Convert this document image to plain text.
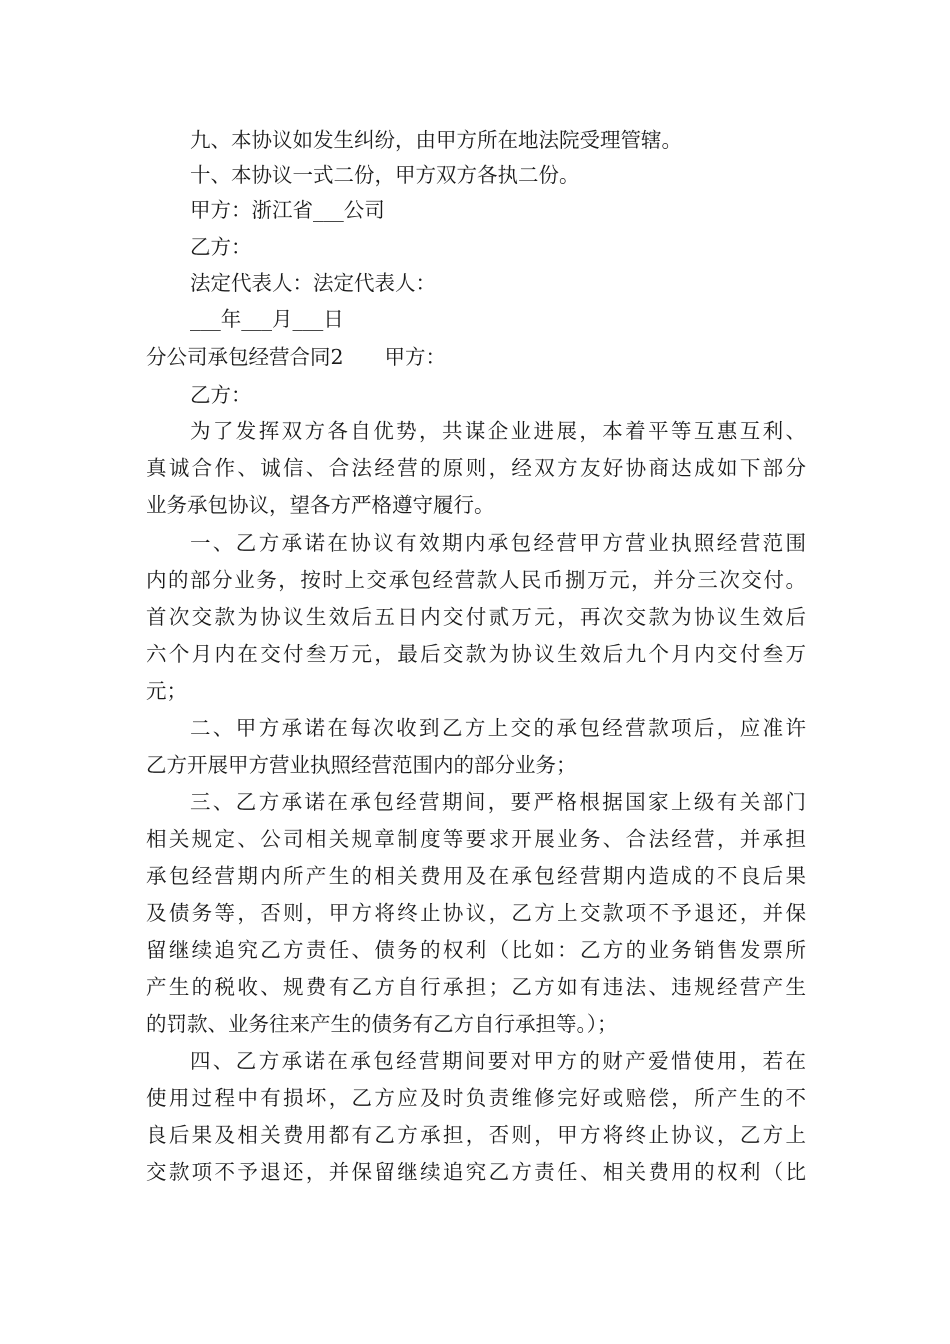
九、本协议如发生纠纷，由甲方所在地法院受理管辖。
十、本协议一式二份，甲方双方各执二份。
甲方：浙江省___公司
乙方：
法定代表人：法定代表人：
___年___月___日
分公司承包经营合同2　　甲方：
乙方：
为了发挥双方各自优势，共谋企业进展，本着平等互惠互利、
真诚合作、诚信、合法经营的原则，经双方友好协商达成如下部分
业务承包协议，望各方严格遵守履行。
一、乙方承诺在协议有效期内承包经营甲方营业执照经营范围
内的部分业务，按时上交承包经营款人民币捌万元，并分三次交付。
首次交款为协议生效后五日内交付贰万元，再次交款为协议生效后
六个月内在交付叁万元，最后交款为协议生效后九个月内交付叁万
元；
二、甲方承诺在每次收到乙方上交的承包经营款项后，应准许
乙方开展甲方营业执照经营范围内的部分业务；
三、乙方承诺在承包经营期间，要严格根据国家上级有关部门
相关规定、公司相关规章制度等要求开展业务、合法经营，并承担
承包经营期内所产生的相关费用及在承包经营期内造成的不良后果
及债务等，否则，甲方将终止协议，乙方上交款项不予退还，并保
留继续追究乙方责任、债务的权利（比如：乙方的业务销售发票所
产生的税收、规费有乙方自行承担；乙方如有违法、违规经营产生
的罚款、业务往来产生的债务有乙方自行承担等。）；
四、乙方承诺在承包经营期间要对甲方的财产爱惜使用，若在
使用过程中有损坏，乙方应及时负责维修完好或赔偿，所产生的不
良后果及相关费用都有乙方承担，否则，甲方将终止协议，乙方上
交款项不予退还，并保留继续追究乙方责任、相关费用的权利（比
